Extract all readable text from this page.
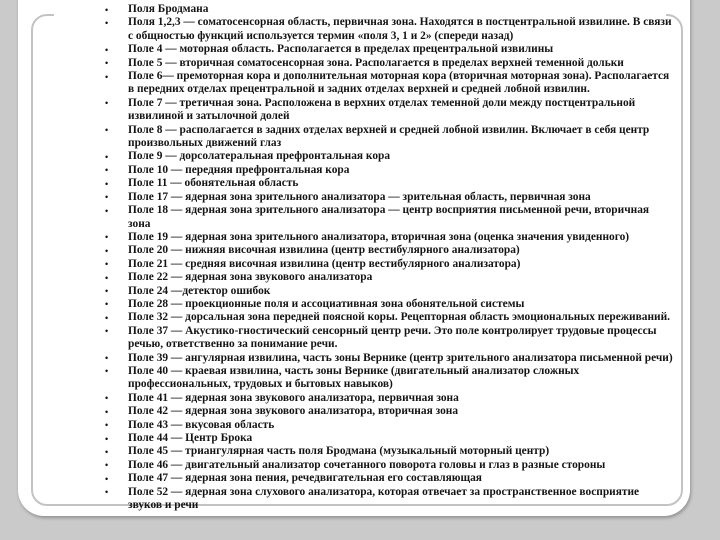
• Поля Бродмана
• Поля 1,2,3 — соматосенсорная область, первичная зона. Находятся в постцентральной извилине. В связи с общностью функций используется термин «поля 3, 1 и 2» (спереди назад)
• Поле 4 — моторная область. Располагается в пределах прецентральной извилины
• Поле 5 — вторичная соматосенсорная зона. Располагается в пределах верхней теменной дольки
• Поле 6— премоторная кора и дополнительная моторная кора (вторичная моторная зона). Располагается в передних отделах прецентральной и задних отделах верхней и средней лобной извилин.
• Поле 7 — третичная зона. Расположена в верхних отделах теменной доли между постцентральной извилиной и затылочной долей
• Поле 8 — располагается в задних отделах верхней и средней лобной извилин. Включает в себя центр произвольных движений глаз
• Поле 9 — дорсолатеральная префронтальная кора
• Поле 10 — передняя префронтальная кора
• Поле 11 — обонятельная область
• Поле 17 — ядерная зона зрительного анализатора — зрительная область, первичная зона
• Поле 18 — ядерная зона зрительного анализатора — центр восприятия письменной речи, вторичная зона
• Поле 19 — ядерная зона зрительного анализатора, вторичная зона (оценка значения увиденного)
• Поле 20 — нижняя височная извилина (центр вестибулярного анализатора)
• Поле 21 — средняя височная извилина (центр вестибулярного анализатора)
• Поле 22 — ядерная зона звукового анализатора
• Поле 24 —детектор ошибок
• Поле 28 — проекционные поля и ассоциативная зона обонятельной системы
• Поле 32 — дорсальная зона передней поясной коры. Рецепторная область эмоциональных переживаний.
• Поле 37 — Акустико-гностический сенсорный центр речи. Это поле контролирует трудовые процессы речью, ответственно за понимание речи.
• Поле 39 — ангулярная извилина, часть зоны Вернике (центр зрительного анализатора письменной речи)
• Поле 40 — краевая извилина, часть зоны Вернике (двигательный анализатор сложных профессиональных, трудовых и бытовых навыков)
• Поле 41 — ядерная зона звукового анализатора, первичная зона
• Поле 42 — ядерная зона звукового анализатора, вторичная зона
• Поле 43 — вкусовая область
• Поле 44 — Центр Брока
• Поле 45 — триангулярная часть поля Бродмана (музыкальный моторный центр)
• Поле 46 — двигательный анализатор сочетанного поворота головы и глаз в разные стороны
• Поле 47 — ядерная зона пения, речедвигательная его составляющая
• Поле 52 — ядерная зона слухового анализатора, которая отвечает за пространственное восприятие звуков и речи
